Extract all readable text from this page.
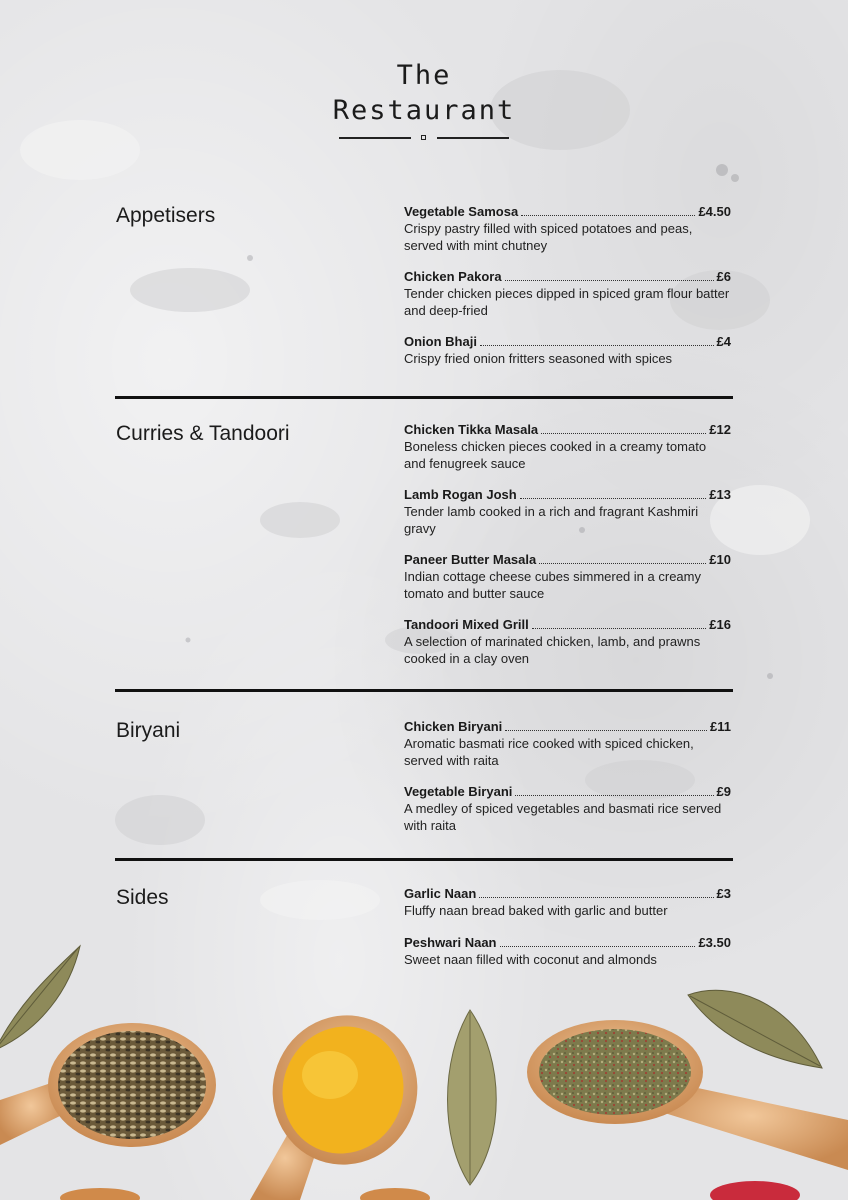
The
Restaurant
Appetisers	Vegetable Samosa	£4.50
Crispy pastry filled with spiced potatoes and peas, served with mint chutney
Chicken Pakora	£6
Tender chicken pieces dipped in spiced gram flour batter and deep-fried
Onion Bhaji	£4
Crispy fried onion fritters seasoned with spices
Curries & Tandoori	Chicken Tikka Masala	£12
Boneless chicken pieces cooked in a creamy tomato and fenugreek sauce
Lamb Rogan Josh	£13
Tender lamb cooked in a rich and fragrant Kashmiri gravy
Paneer Butter Masala	£10
Indian cottage cheese cubes simmered in a creamy tomato and butter sauce
Tandoori Mixed Grill	£16
A selection of marinated chicken, lamb, and prawns cooked in a clay oven
Biryani	Chicken Biryani	£11
Aromatic basmati rice cooked with spiced chicken, served with raita
Vegetable Biryani	£9
A medley of spiced vegetables and basmati rice served with raita
Sides	Garlic Naan	£3
Fluffy naan bread baked with garlic and butter
Peshwari Naan	£3.50
Sweet naan filled with coconut and almonds
